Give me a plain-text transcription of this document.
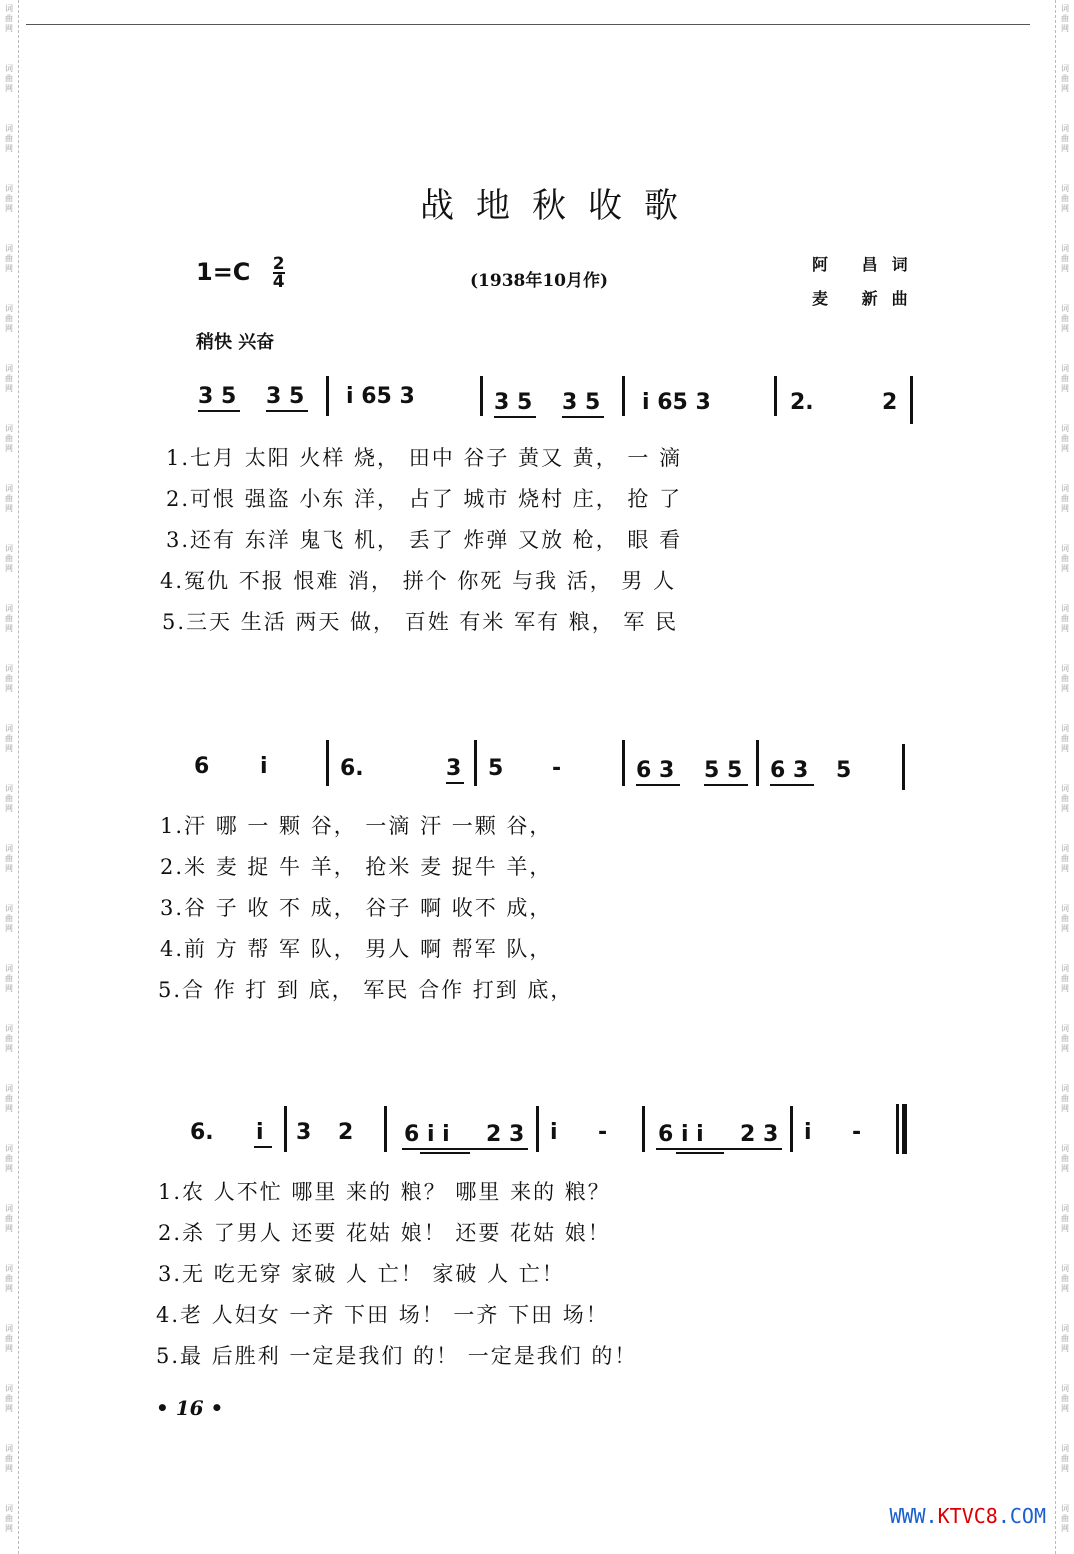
词曲网
词曲网
词曲网
词曲网
词曲网
词曲网
词曲网
词曲网
词曲网
词曲网
词曲网
词曲网
词曲网
词曲网
词曲网
词曲网
词曲网
词曲网
词曲网
词曲网
词曲网
词曲网
词曲网
词曲网
词曲网
词曲网
词曲网
词曲网
词曲网
词曲网
词曲网
词曲网
词曲网
词曲网
词曲网
词曲网
词曲网
词曲网
词曲网
词曲网
词曲网
词曲网
词曲网
词曲网
词曲网
词曲网
词曲网
词曲网
词曲网
词曲网
词曲网
词曲网
战地秋收歌
$1=C \frac{2}{4}$	(1938年10月作)
阿 昌词
麦 新曲
稍快 兴奋
3 5 3 5 i 65 3	3 5 3 5 i 65 3	2.	2
1.七月 太阳 火样 烧， 田中 谷子 黄又 黄， 一 滴
2.可恨 强盗 小东 洋， 占了 城市 烧村 庄， 抢 了
3.还有 东洋 鬼飞 机， 丢了 炸弹 又放 枪， 眼 看
4.冤仇 不报 恨难 消， 拼个 你死 与我 活， 男 人
5.三天 生活 两天 做， 百姓 有米 军有 粮， 军 民
6 i	6.	3 5 -	6 3 5 5 6 3 5
1.汗 哪 一 颗 谷， 一滴 汗 一颗 谷，
2.米 麦 捉 牛 羊， 抢米 麦 捉牛 羊，
3.谷 子 收 不 成， 谷子 啊 收不 成，
4.前 方 帮 军 队， 男人 啊 帮军 队，
5.合 作 打 到 底， 军民 合作 打到 底，
6. i 3 2 6 i i 2 3 i - 6 i i 2 3 i -
1.农 人不忙 哪里 来的 粮？ 哪里 来的 粮？
2.杀 了男人 还要 花姑 娘！ 还要 花姑 娘！
3.无 吃无穿 家破 人 亡！ 家破 人 亡！
4.老 人妇女 一齐 下田 场！ 一齐 下田 场！
5.最 后胜利 一定是我们 的！ 一定是我们 的！
• 16 •
WWW.KTVC8.COM
